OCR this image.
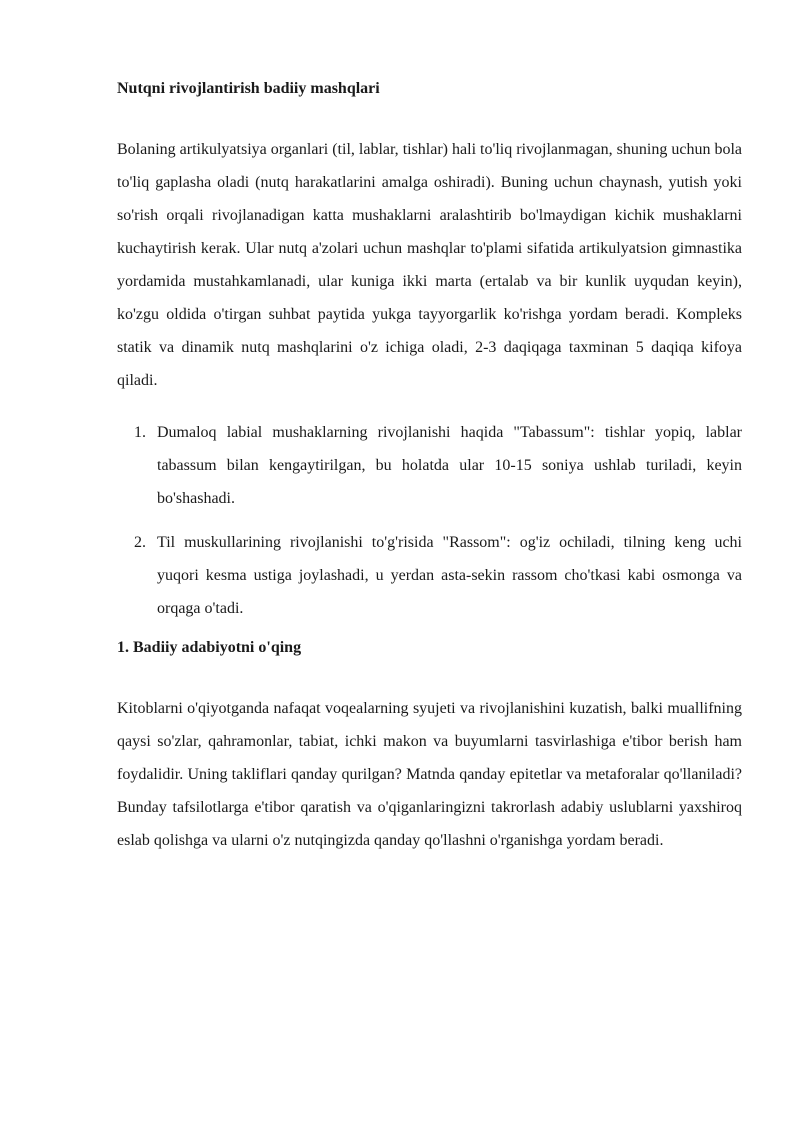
Nutqni rivojlantirish badiiy mashqlari

Bolaning artikulyatsiya organlari (til, lablar, tishlar) hali to'liq rivojlanmagan, shuning uchun bola to'liq gaplasha oladi (nutq harakatlarini amalga oshiradi). Buning uchun chaynash, yutish yoki so'rish orqali rivojlanadigan katta mushaklarni aralashtirib bo'lmaydigan kichik mushaklarni kuchaytirish kerak. Ular nutq a'zolari uchun mashqlar to'plami sifatida artikulyatsion gimnastika yordamida mustahkamlanadi, ular kuniga ikki marta (ertalab va bir kunlik uyqudan keyin), ko'zgu oldida o'tirgan suhbat paytida yukga tayyorgarlik ko'rishga yordam beradi. Kompleks statik va dinamik nutq mashqlarini o'z ichiga oladi, 2-3 daqiqaga taxminan 5 daqiqa kifoya qiladi.

1. Dumaloq labial mushaklarning rivojlanishi haqida "Tabassum": tishlar yopiq, lablar tabassum bilan kengaytirilgan, bu holatda ular 10-15 soniya ushlab turiladi, keyin bo'shashadi.
2. Til muskullarining rivojlanishi to'g'risida "Rassom": og'iz ochiladi, tilning keng uchi yuqori kesma ustiga joylashadi, u yerdan asta-sekin rassom cho'tkasi kabi osmonga va orqaga o'tadi.

1. Badiiy adabiyotni o'qing

Kitoblarni o'qiyotganda nafaqat voqealarning syujeti va rivojlanishini kuzatish, balki muallifning qaysi so'zlar, qahramonlar, tabiat, ichki makon va buyumlarni tasvirlashiga e'tibor berish ham foydalidir. Uning takliflari qanday qurilgan? Matnda qanday epitetlar va metaforalar qo'llaniladi? Bunday tafsilotlarga e'tibor qaratish va o'qiganlaringizni takrorlash adabiy uslublarni yaxshiroq eslab qolishga va ularni o'z nutqingizda qanday qo'llashni o'rganishga yordam beradi.
